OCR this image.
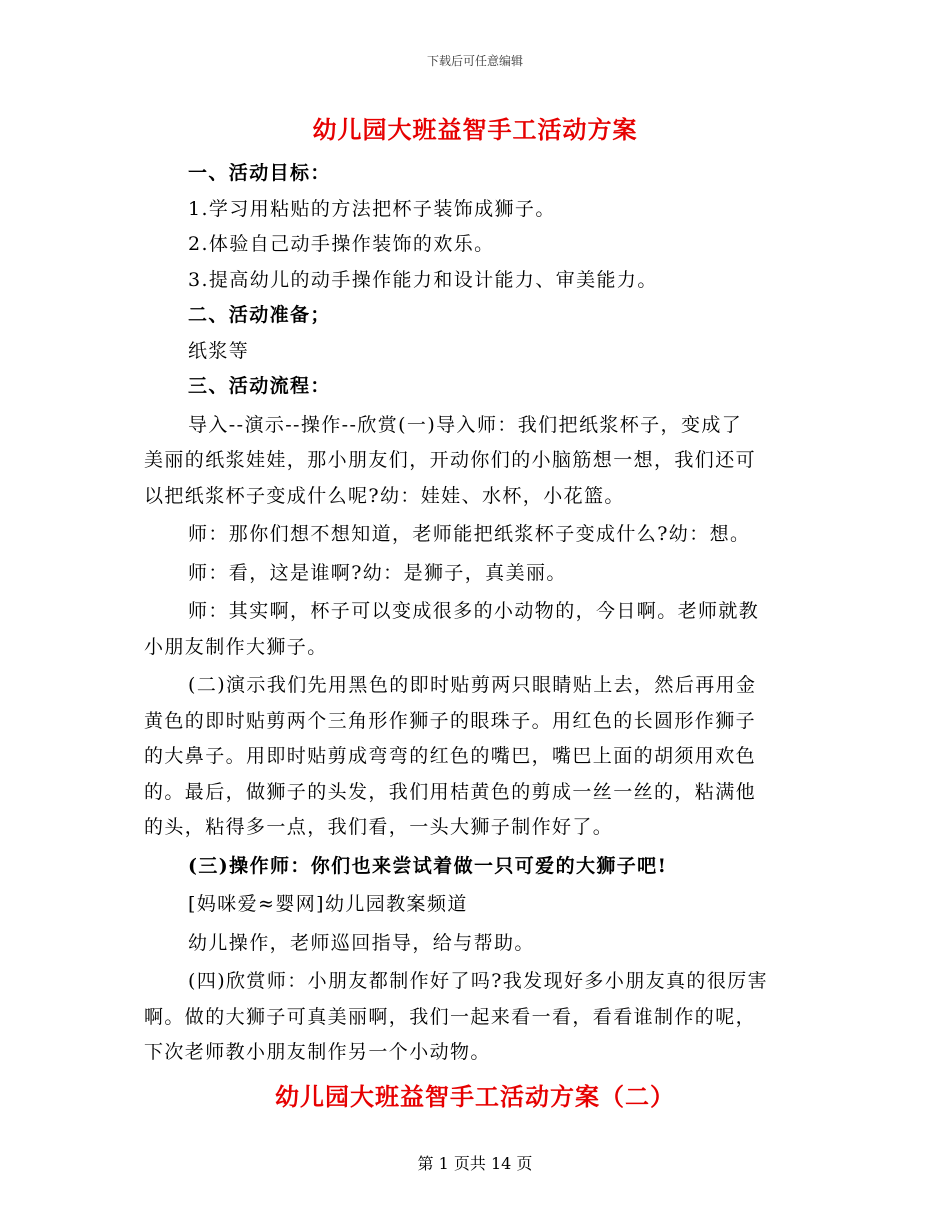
下载后可任意编辑
幼儿园大班益智手工活动方案
一、活动目标：
1.学习用粘贴的方法把杯子装饰成狮子。
2.体验自己动手操作装饰的欢乐。
3.提高幼儿的动手操作能力和设计能力、审美能力。
二、活动准备；
纸浆等
三、活动流程：
导入--演示--操作--欣赏(一)导入师：我们把纸浆杯子，变成了
美丽的纸浆娃娃，那小朋友们，开动你们的小脑筋想一想，我们还可
以把纸浆杯子变成什么呢?幼：娃娃、水杯，小花篮。
师：那你们想不想知道，老师能把纸浆杯子变成什么?幼：想。
师：看，这是谁啊?幼：是狮子，真美丽。
师：其实啊，杯子可以变成很多的小动物的，今日啊。老师就教
小朋友制作大狮子。
(二)演示我们先用黑色的即时贴剪两只眼睛贴上去，然后再用金
黄色的即时贴剪两个三角形作狮子的眼珠子。用红色的长圆形作狮子
的大鼻子。用即时贴剪成弯弯的红色的嘴巴，嘴巴上面的胡须用欢色
的。最后，做狮子的头发，我们用桔黄色的剪成一丝一丝的，粘满他
的头，粘得多一点，我们看，一头大狮子制作好了。
(三)操作师：你们也来尝试着做一只可爱的大狮子吧!
[妈咪爱≈婴网]幼儿园教案频道
幼儿操作，老师巡回指导，给与帮助。
(四)欣赏师：小朋友都制作好了吗?我发现好多小朋友真的很厉害
啊。做的大狮子可真美丽啊，我们一起来看一看，看看谁制作的呢，
下次老师教小朋友制作另一个小动物。
幼儿园大班益智手工活动方案（二）
第 1 页共 14 页
